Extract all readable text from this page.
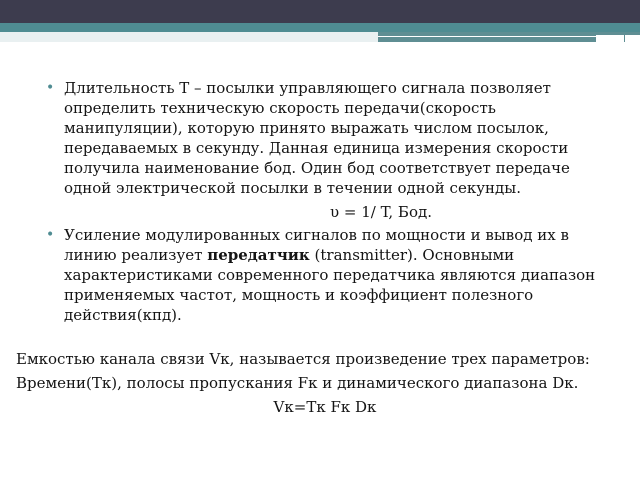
• Длительность Т – посылки управляющего сигнала позволяет определить техническую скорость передачи(скорость манипуляции), которую принято выражать числом посылок, передаваемых в секунду. Данная единица измерения скорости получила наименование бод. Один бод соответствует передаче одной электрической посылки в течении одной секунды.

υ = 1/ T, Бод.
• Усиление модулированных сигналов по мощности и вывод их в линию реализует передатчик (transmitter). Основными характеристиками современного передатчика являются диапазон применяемых частот, мощность и коэффициент полезного действия(кпд).

Емкостью канала связи Vк, называется произведение трех параметров:

Времени(Тк), полосы пропускания Fк и динамического диапазона Dк.

Vк=Тк Fк Dк
